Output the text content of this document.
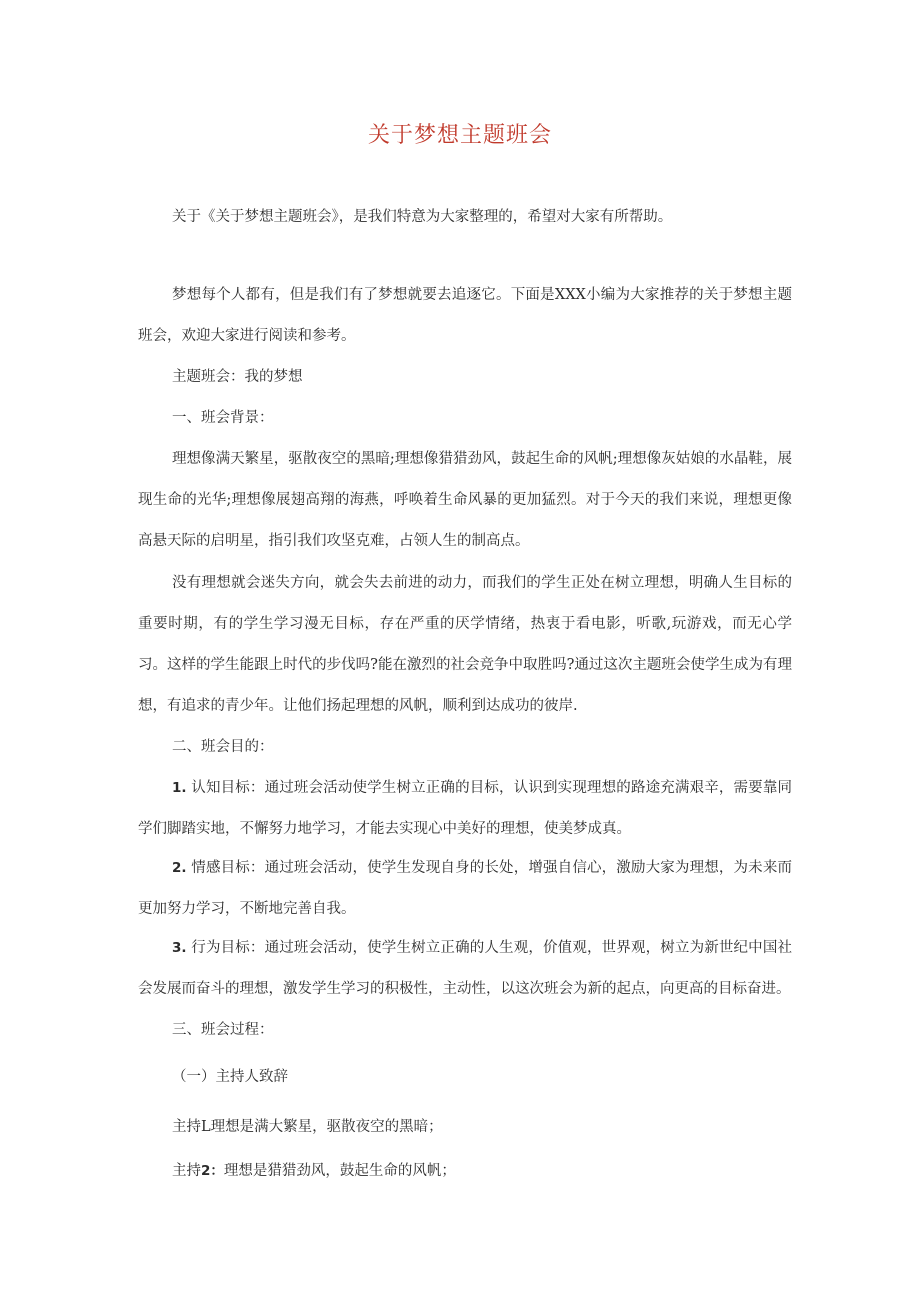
关于梦想主题班会
关于《关于梦想主题班会》，是我们特意为大家整理的，希望对大家有所帮助。
梦想每个人都有，但是我们有了梦想就要去追逐它。下面是XXX小编为大家推荐的关于梦想主题班会，欢迎大家进行阅读和参考。
主题班会：我的梦想
一、班会背景：
理想像满天繁星，驱散夜空的黑暗;理想像猎猎劲风，鼓起生命的风帆;理想像灰姑娘的水晶鞋，展现生命的光华;理想像展翅高翔的海燕，呼唤着生命风暴的更加猛烈。对于今天的我们来说，理想更像高悬天际的启明星，指引我们攻坚克难，占领人生的制高点。
没有理想就会迷失方向，就会失去前进的动力，而我们的学生正处在树立理想，明确人生目标的重要时期，有的学生学习漫无目标，存在严重的厌学情绪，热衷于看电影，听歌,玩游戏，而无心学习。这样的学生能跟上时代的步伐吗?能在激烈的社会竞争中取胜吗?通过这次主题班会使学生成为有理想，有追求的青少年。让他们扬起理想的风帆，顺利到达成功的彼岸.
二、班会目的：
1. 认知目标：通过班会活动使学生树立正确的目标，认识到实现理想的路途充满艰辛，需要靠同学们脚踏实地，不懈努力地学习，才能去实现心中美好的理想，使美梦成真。
2. 情感目标：通过班会活动，使学生发现自身的长处，增强自信心，激励大家为理想，为未来而更加努力学习，不断地完善自我。
3. 行为目标：通过班会活动，使学生树立正确的人生观，价值观，世界观，树立为新世纪中国社会发展而奋斗的理想，激发学生学习的积极性，主动性，以这次班会为新的起点，向更高的目标奋进。
三、班会过程：
（一）主持人致辞
主持L理想是满大繁星，驱散夜空的黑暗；
主持2：理想是猎猎劲风，鼓起生命的风帆；
